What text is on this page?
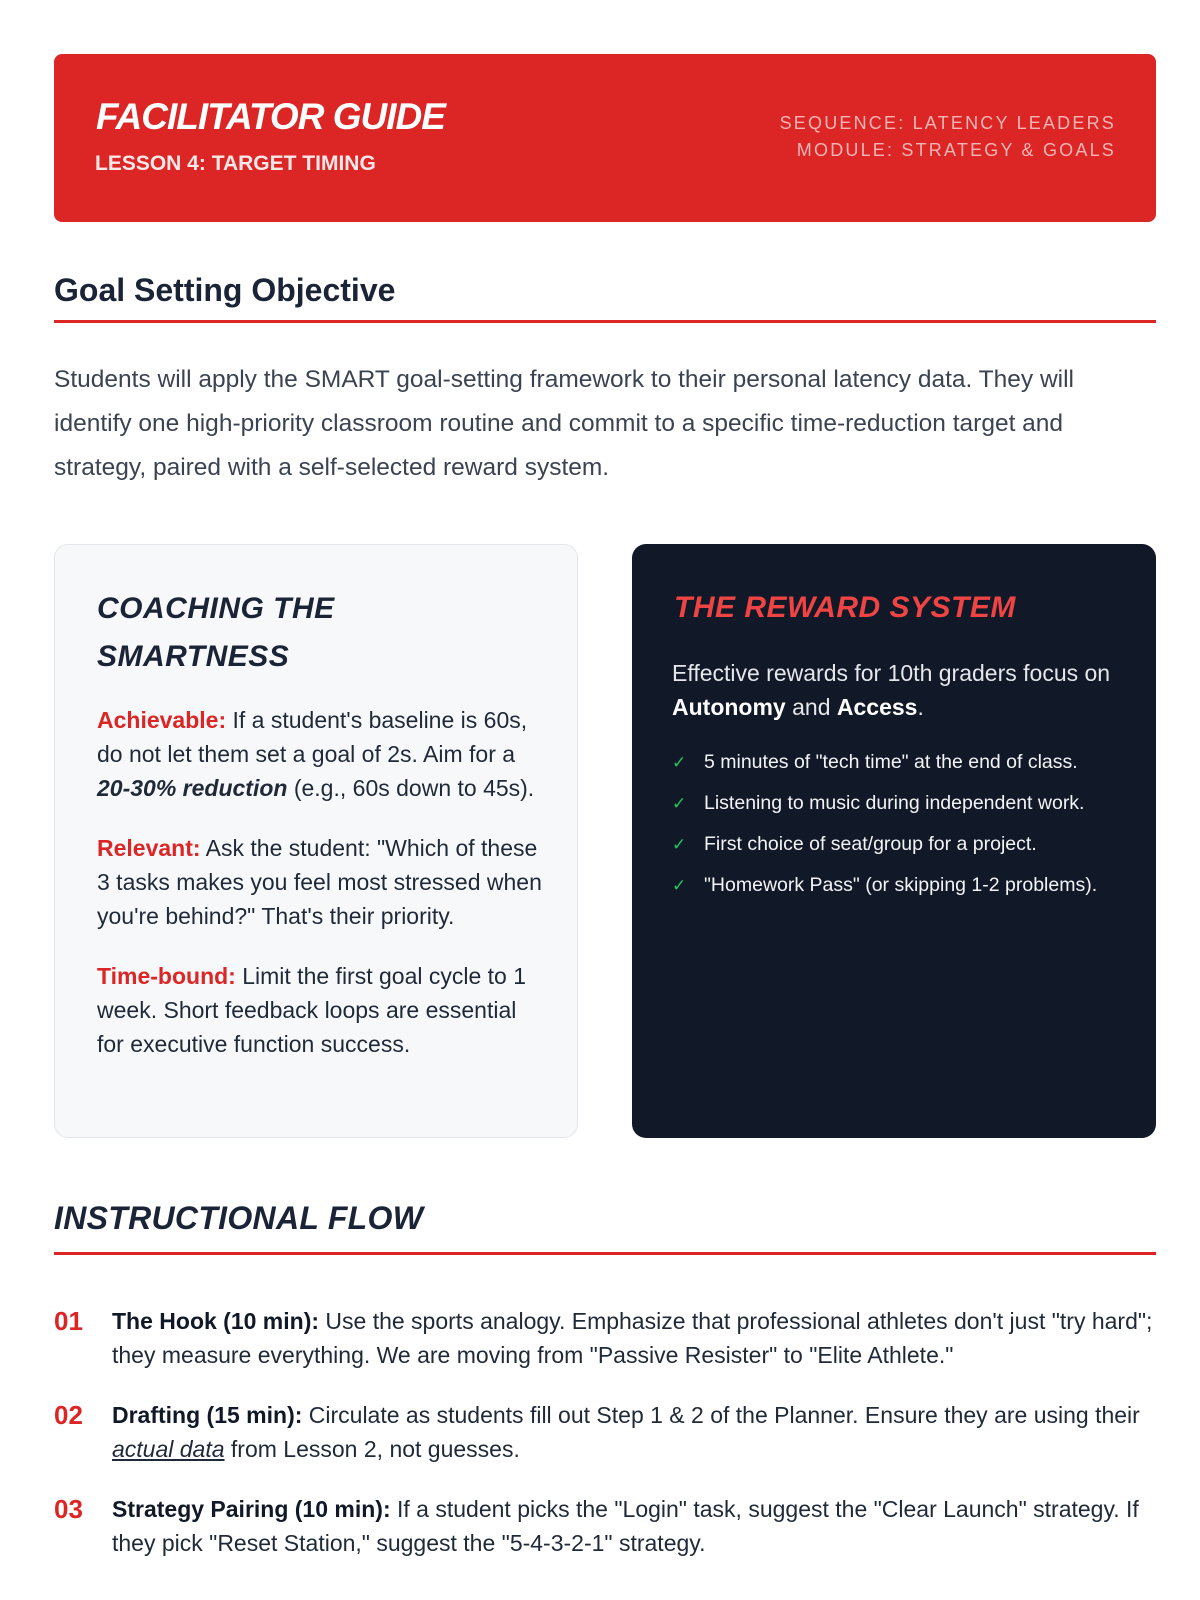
FACILITATOR GUIDE
LESSON 4: TARGET TIMING
SEQUENCE: LATENCY LEADERS
MODULE: STRATEGY & GOALS
Goal Setting Objective

Students will apply the SMART goal-setting framework to their personal latency data. They will identify one high-priority classroom routine and commit to a specific time-reduction target and strategy, paired with a self-selected reward system.

COACHING THE SMARTNESS

Achievable: If a student's baseline is 60s, do not let them set a goal of 2s. Aim for a 20-30% reduction (e.g., 60s down to 45s).

Relevant: Ask the student: "Which of these 3 tasks makes you feel most stressed when you're behind?" That's their priority.

Time-bound: Limit the first goal cycle to 1 week. Short feedback loops are essential for executive function success.

THE REWARD SYSTEM

Effective rewards for 10th graders focus on Autonomy and Access.

✓ 5 minutes of "tech time" at the end of class.
✓ Listening to music during independent work.
✓ First choice of seat/group for a project.
✓ "Homework Pass" (or skipping 1-2 problems).
INSTRUCTIONAL FLOW
01 The Hook (10 min): Use the sports analogy. Emphasize that professional athletes don't just "try hard"; they measure everything. We are moving from "Passive Resister" to "Elite Athlete."
02 Drafting (15 min): Circulate as students fill out Step 1 & 2 of the Planner. Ensure they are using their actual data from Lesson 2, not guesses.
03 Strategy Pairing (10 min): If a student picks the "Login" task, suggest the "Clear Launch" strategy. If they pick "Reset Station," suggest the "5-4-3-2-1" strategy.
